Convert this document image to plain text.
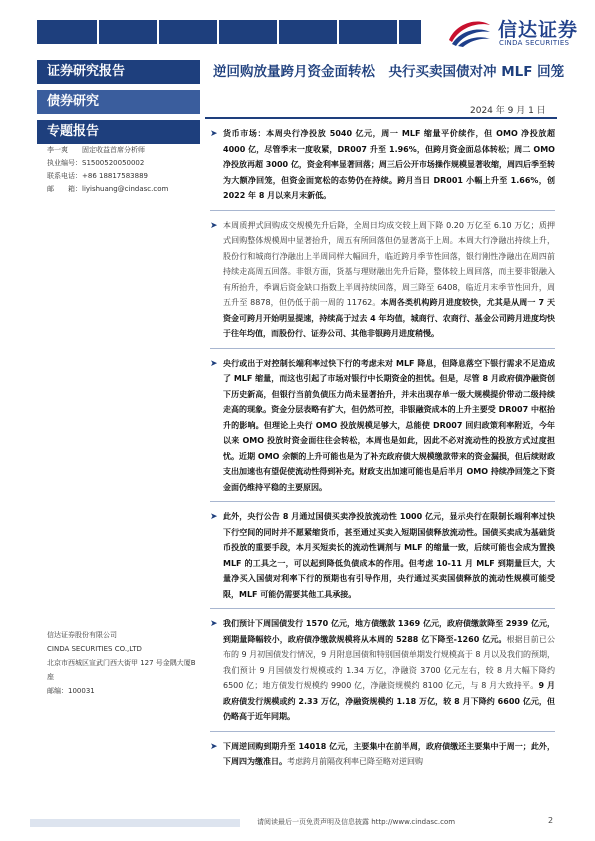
信达证券
CINDA SECURITIES
证券研究报告
债券研究
专题报告
李一爽　　固定收益首席分析师
执业编号：S1500520050002
联系电话：+86 18817583889
邮　　箱：liyishuang@cindasc.com
信达证券股份有限公司
CINDA SECURITIES CO.,LTD
北京市西城区宣武门西大街甲 127 号金隅大厦B座
邮编：100031
逆回购放量跨月资金面转松　央行买卖国债对冲 MLF 回笼
2024 年 9 月 1 日
➤ 货币市场：本周央行净投放 5040 亿元，周一 MLF 缩量平价续作，但 OMO 净投放超 4000 亿，尽管季末一度收紧，DR007 升至 1.96%，但跨月资金面总体转松；周二 OMO 净投放再超 3000 亿，资金利率显著回落；周三后公开市场操作规模显著收缩，周四后季至转为大额净回笼，但资金面宽松的态势仍在持续。跨月当日 DR001 小幅上升至 1.66%，创 2022 年 8 月以来月末新低。
➤ 本周质押式回购成交规模先升后降，全周日均成交较上周下降 0.20 万亿至 6.10 万亿；质押式回购整体规模周中显著抬升，周五有所回落但仍显著高于上周。本周大行净融出持续上升，股份行和城商行净融出上半周同样大幅回升，临近跨月季节性回落，银行刚性净融出在周四前持续走高周五回落。非银方面，货基与理财融出先升后降，整体较上周回落，而主要非银融入有所抬升，季调后资金缺口指数上半周持续回落，周三降至 6408，临近月末季节性回升，周五升至 8878，但仍低于前一周的 11762。本周各类机构跨月进度较快，尤其是从周一 7 天资金可跨月开始明显提速，持续高于过去 4 年均值，城商行、农商行、基金公司跨月进度均快于往年均值，而股份行、证券公司、其他非银跨月进度稍慢。
➤ 央行或出于对控制长端利率过快下行的考虑未对 MLF 降息，但降息落空下银行需求不足造成了 MLF 缩量，而这也引起了市场对银行中长期资金的担忧。但是，尽管 8 月政府债净融资创下历史新高，但银行当前负债压力尚未显著抬升，并未出现存单一级大规模提价带动二级持续走高的现象。资金分层表略有扩大，但仍然可控，非银融资成本的上升主要受 DR007 中枢抬升的影响。但理论上央行 OMO 投放规模足够大，总能使 DR007 回归政策利率附近，今年以来 OMO 投放时资金面往往会转松，本周也是如此，因此不必对流动性的投放方式过度担忧。近期 OMO 余额的上升可能也是为了补充政府债大规模缴款带来的资金漏损，但后续财政支出加速也有望促使流动性得到补充。财政支出加速可能也是后半月 OMO 持续净回笼之下资金面仍维持平稳的主要原因。
➤ 此外，央行公告 8 月通过国债买卖净投放流动性 1000 亿元，显示央行在限制长端利率过快下行空间的同时并不愿紧缩货币，甚至通过买卖入短期国债释放流动性。国债买卖成为基础货币投放的重要手段，本月买短卖长的流动性调剂与 MLF 的缩量一致，后续可能也会成为置换 MLF 的工具之一，可以起到降低负债成本的作用。但考虑 10-11 月 MLF 到期量巨大，大量净买入国债对利率下行的预期也有引导作用，央行通过买卖国债释放的流动性规模可能受限，MLF 可能仍需要其他工具承接。
➤ 我们预计下周国债发行 1570 亿元，地方债缴款 1369 亿元，政府债缴款降至 2939 亿元，到期量降幅较小，政府债净缴款规模将从本周的 5288 亿下降至-1260 亿元。根据目前已公布的 9 月初国债发行情况，9 月附息国债和特别国债单期发行规模高于 8 月以及我们的预期，我们预计 9 月国债发行规模或约 1.34 万亿，净融资 3700 亿元左右，较 8 月大幅下降约 6500 亿；地方债发行规模约 9900 亿，净融资规模约 8100 亿元，与 8 月大致持平。9 月政府债发行规模或约 2.33 万亿，净融资规模约 1.18 万亿，较 8 月下降约 6600 亿元，但仍略高于近年同期。
➤ 下周逆回购到期升至 14018 亿元，主要集中在前半周，政府债缴还主要集中于周一；此外，下周四为缴准日。考虑跨月前隔夜利率已降至略对逆回购
请阅读最后一页免责声明及信息披露 http://www.cindasc.com	2
